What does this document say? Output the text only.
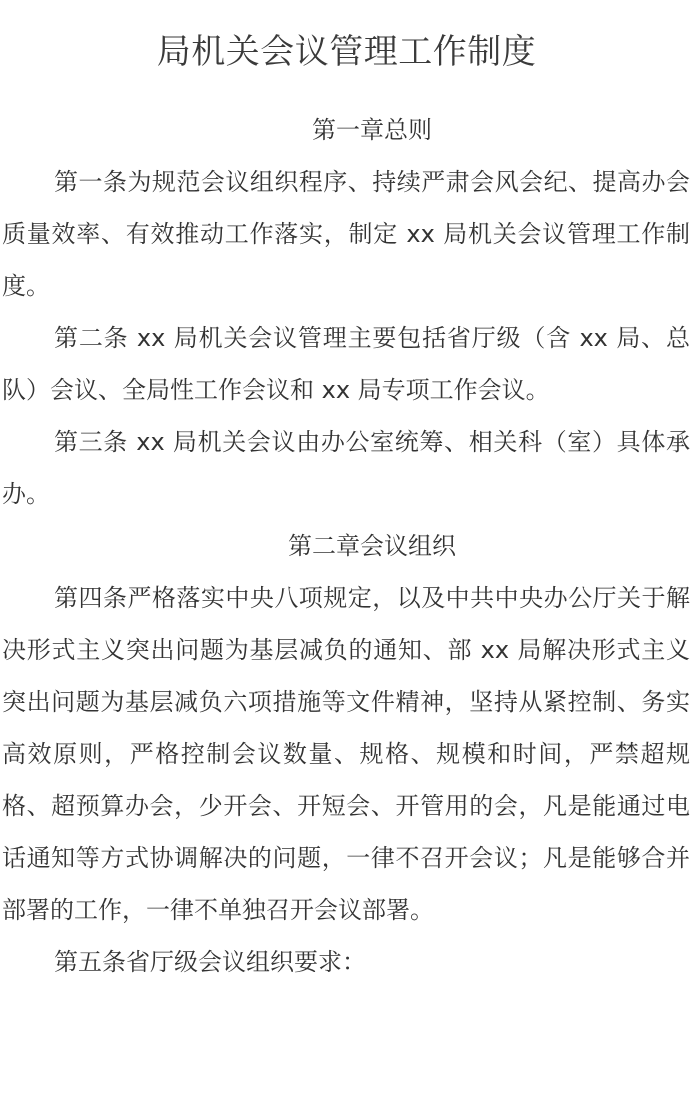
局机关会议管理工作制度

第一章总则

第一条为规范会议组织程序、持续严肃会风会纪、提高办会质量效率、有效推动工作落实，制定 xx 局机关会议管理工作制度。

第二条 xx 局机关会议管理主要包括省厅级（含 xx 局、总队）会议、全局性工作会议和 xx 局专项工作会议。

第三条 xx 局机关会议由办公室统筹、相关科（室）具体承办。

第二章会议组织

第四条严格落实中央八项规定，以及中共中央办公厅关于解决形式主义突出问题为基层减负的通知、部 xx 局解决形式主义突出问题为基层减负六项措施等文件精神，坚持从紧控制、务实高效原则，严格控制会议数量、规格、规模和时间，严禁超规格、超预算办会，少开会、开短会、开管用的会，凡是能通过电话通知等方式协调解决的问题，一律不召开会议；凡是能够合并部署的工作，一律不单独召开会议部署。

第五条省厅级会议组织要求：
